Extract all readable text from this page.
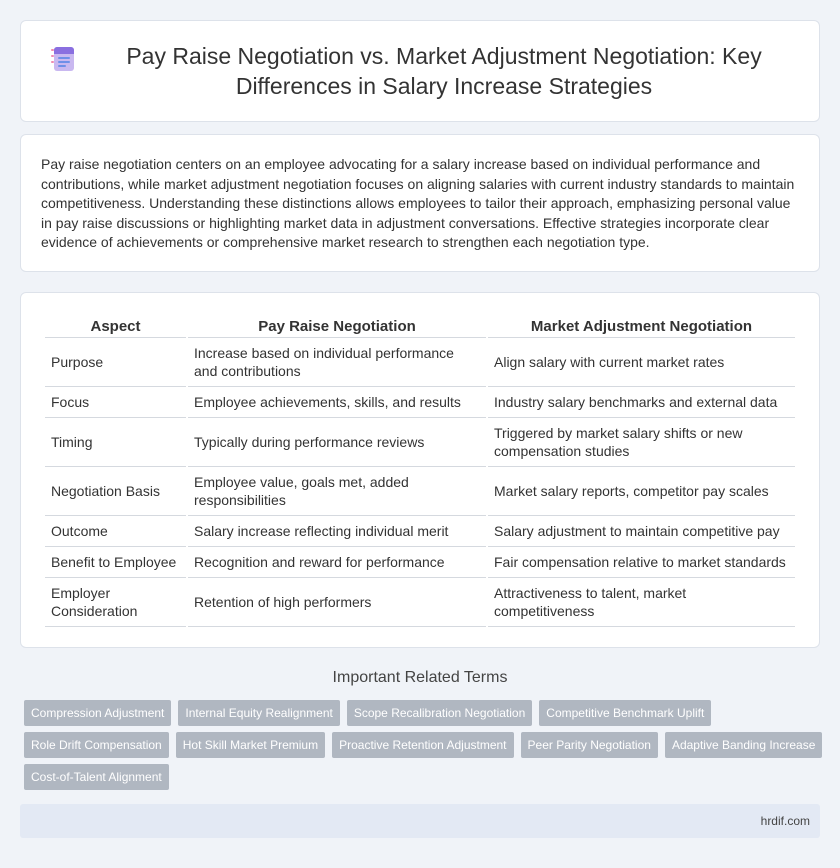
Pay Raise Negotiation vs. Market Adjustment Negotiation: Key Differences in Salary Increase Strategies

Pay raise negotiation centers on an employee advocating for a salary increase based on individual performance and contributions, while market adjustment negotiation focuses on aligning salaries with current industry standards to maintain competitiveness. Understanding these distinctions allows employees to tailor their approach, emphasizing personal value in pay raise discussions or highlighting market data in adjustment conversations. Effective strategies incorporate clear evidence of achievements or comprehensive market research to strengthen each negotiation type.

Aspect	Pay Raise Negotiation	Market Adjustment Negotiation
Purpose	Increase based on individual performance and contributions	Align salary with current market rates
Focus	Employee achievements, skills, and results	Industry salary benchmarks and external data
Timing	Typically during performance reviews	Triggered by market salary shifts or new compensation studies
Negotiation Basis	Employee value, goals met, added responsibilities	Market salary reports, competitor pay scales
Outcome	Salary increase reflecting individual merit	Salary adjustment to maintain competitive pay
Benefit to Employee	Recognition and reward for performance	Fair compensation relative to market standards
Employer Consideration	Retention of high performers	Attractiveness to talent, market competitiveness
Important Related Terms
Compression Adjustment	Internal Equity Realignment	Scope Recalibration Negotiation	Competitive Benchmark Uplift
Role Drift Compensation	Hot Skill Market Premium	Proactive Retention Adjustment	Peer Parity Negotiation	Adaptive Banding Increase
Cost-of-Talent Alignment
hrdif.com
